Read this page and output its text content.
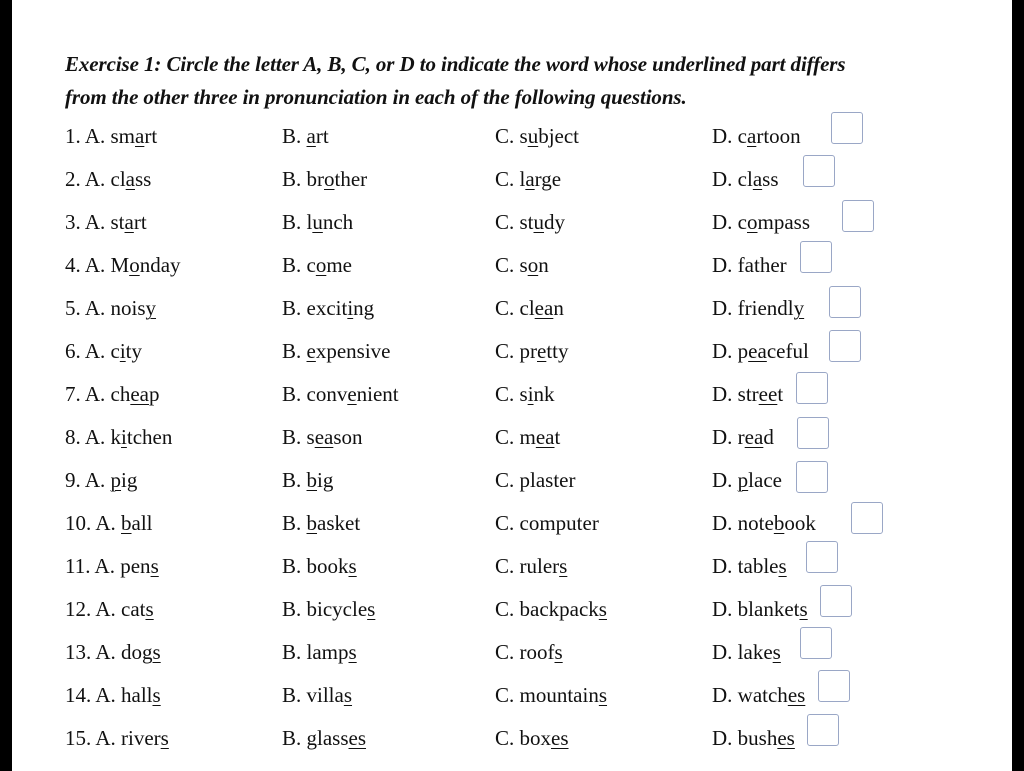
Exercise 1: Circle the letter A, B, C, or D to indicate the word whose underlined part differs
from the other three in pronunciation in each of the following questions.
1. A. smart	B. art	C. subject	D. cartoon
2. A. class	B. brother	C. large	D. class
3. A. start	B. lunch	C. study	D. compass
4. A. Monday	B. come	C. son	D. father
5. A. noisy	B. exciting	C. clean	D. friendly
6. A. city	B. expensive	C. pretty	D. peaceful
7. A. cheap	B. convenient	C. sink	D. street
8. A. kitchen	B. season	C. meat	D. read
9. A. pig	B. big	C. plaster	D. place
10. A. ball	B. basket	C. computer	D. notebook
11. A. pens	B. books	C. rulers	D. tables
12. A. cats	B. bicycles	C. backpacks	D. blankets
13. A. dogs	B. lamps	C. roofs	D. lakes
14. A. halls	B. villas	C. mountains	D. watches
15. A. rivers	B. glasses	C. boxes	D. bushes
